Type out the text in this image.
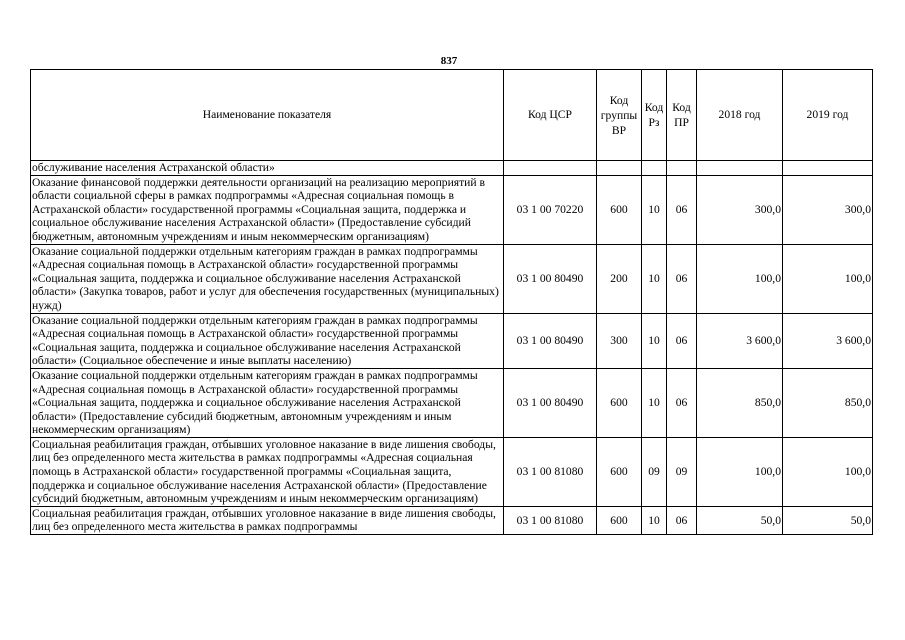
837
Наименование показателя	Код ЦСР	Код группы ВР	Код Рз	Код ПР	2018 год	2019 год
обслуживание населения Астраханской области»						
Оказание финансовой поддержки деятельности организаций на реализацию мероприятий в области социальной сферы в рамках подпрограммы «Адресная социальная помощь в Астраханской области» государственной программы «Социальная защита, поддержка и социальное обслуживание населения Астраханской области» (Предоставление субсидий бюджетным, автономным учреждениям и иным некоммерческим организациям)	03 1 00 70220	600	10	06	300,0	300,0
Оказание социальной поддержки отдельным категориям граждан в рамках подпрограммы «Адресная социальная помощь в Астраханской области» государственной программы «Социальная защита, поддержка и социальное обслуживание населения Астраханской области» (Закупка товаров, работ и услуг для обеспечения государственных (муниципальных) нужд)	03 1 00 80490	200	10	06	100,0	100,0
Оказание социальной поддержки отдельным категориям граждан в рамках подпрограммы «Адресная социальная помощь в Астраханской области» государственной программы «Социальная защита, поддержка и социальное обслуживание населения Астраханской области» (Социальное обеспечение и иные выплаты населению)	03 1 00 80490	300	10	06	3 600,0	3 600,0
Оказание социальной поддержки отдельным категориям граждан в рамках подпрограммы «Адресная социальная помощь в Астраханской области» государственной программы «Социальная защита, поддержка и социальное обслуживание населения Астраханской области» (Предоставление субсидий бюджетным, автономным учреждениям и иным некоммерческим организациям)	03 1 00 80490	600	10	06	850,0	850,0
Социальная реабилитация граждан, отбывших уголовное наказание в виде лишения свободы, лиц без определенного места жительства в рамках подпрограммы «Адресная социальная помощь в Астраханской области» государственной программы «Социальная защита, поддержка и социальное обслуживание населения Астраханской области» (Предоставление субсидий бюджетным, автономным учреждениям и иным некоммерческим организациям)	03 1 00 81080	600	09	09	100,0	100,0
Социальная реабилитация граждан, отбывших уголовное наказание в виде лишения свободы, лиц без определенного места жительства в рамках подпрограммы	03 1 00 81080	600	10	06	50,0	50,0
